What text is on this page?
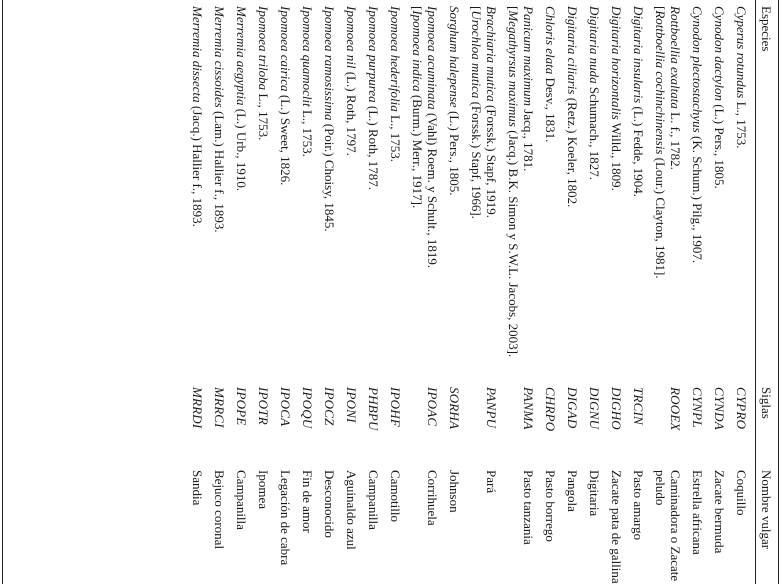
Especies
Siglas
Nombre vulgar
Cyperus rotundus L., 1753.
CYPRO
Coquillo
Cynodon dactylon (L.) Pers., 1805.
CYNDA
Zacate bermuda
Cynodon plectostachyus (K. Schum.) Pilg., 1907.
CYNPL
Estrella africana
Rottboellia exaltata L. f., 1782.
[Rottboellia cochinchinensis (Lour.) Clayton, 1981].
ROOEX
Caminadora o Zacate peludo
Digitaria insularis (L.) Fedde, 1904.
TRCIN
Pasto amargo
Digitaria horizontalis Willd., 1809.
DIGHO
Zacate pata de gallina
Digitaria nuda Schumach., 1827.
DIGNU
Digitaria
Digitaria ciliaris (Retz.) Koeler, 1802.
DIGAD
Pangola
Chloris elata Desv., 1831.
CHRPO
Pasto borrego
Panicum maximum Jacq., 1781.
[Megathyrsus maximus (Jacq.) B.K. Simon y S.W.L. Jacobs, 2003].
PANMA
Pasto tanzania
Brachiaria mutica (Forssk.) Stapf, 1919.
[Urochloa mutica (Forssk.) Stapf, 1966].
PANPU
Pará
Sorghum halepense (L.) Pers., 1805.
SORHA
Johnson
Ipomoea acuminata (Vahl) Roem. y Schult., 1819.
[Ipomoea indica (Burm.) Merr., 1917].
IPOAC
Corrihuela
Ipomoea hederifolia L., 1753.
IPOHF
Camotillo
Ipomoea purpurea (L.) Roth, 1787.
PHBPU
Campanilla
Ipomoea nil (L.) Roth, 1797.
IPONI
Aguinaldo azul
Ipomoea ramosissima (Poir.) Choisy, 1845.
IPOCZ
Desconocido
Ipomoea quamoclit L., 1753.
IPOQU
Fin de amor
Ipomoea cairica (L.) Sweet, 1826.
IPOCA
Legación de cabra
Ipomoea triloba L., 1753.
IPOTR
Ipomea
Merremia aegyptia (L.) Urb., 1910.
IPOPE
Campanilla
Merremia cissoides (Lam.) Hallier f., 1893.
MRRCI
Bejuco coronal
Merremia dissecta (Jacq.) Hallier f., 1893.
MRRDI
Sandia
